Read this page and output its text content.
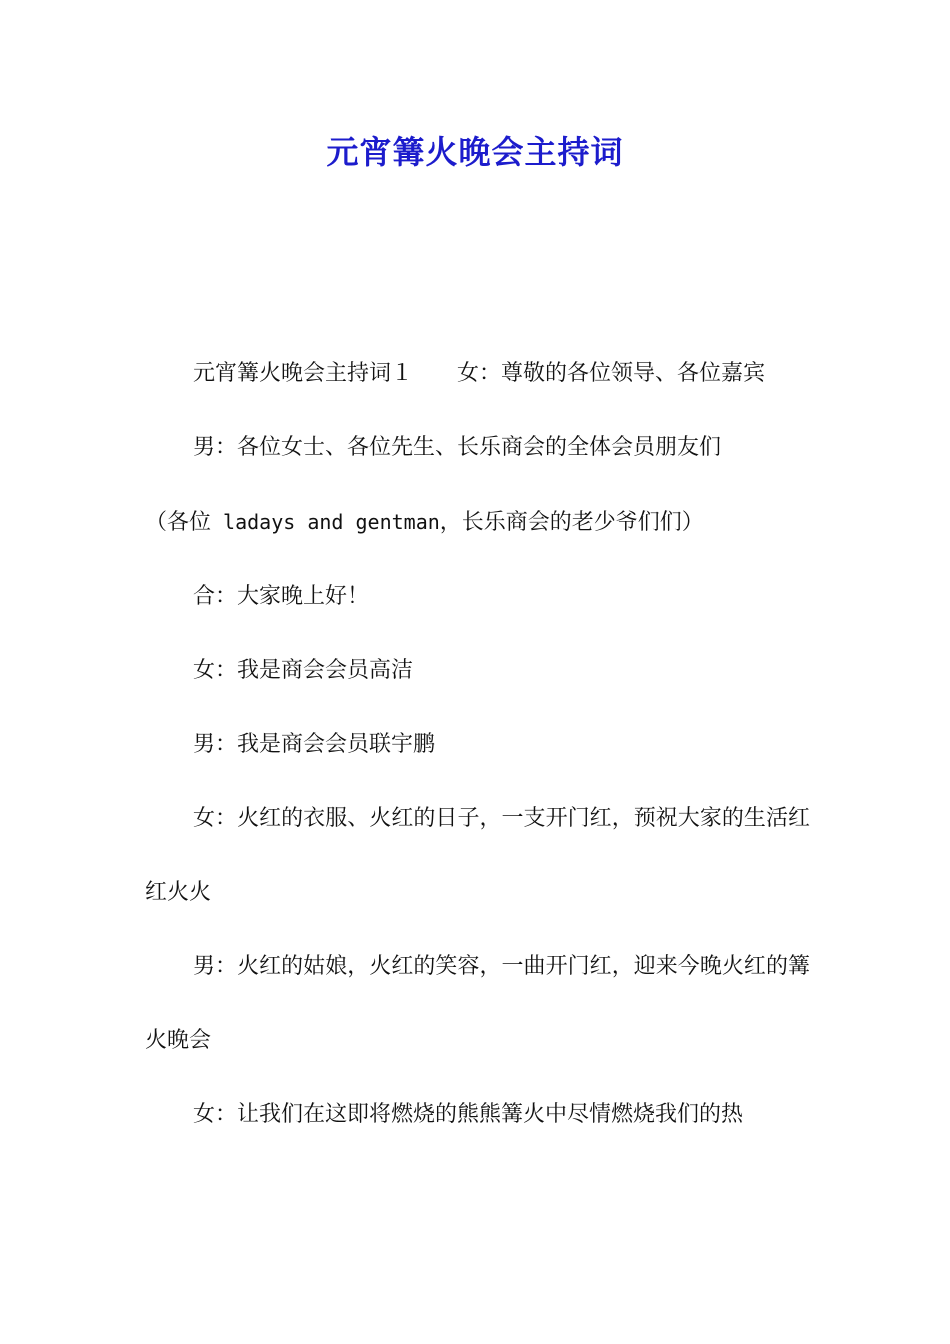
元宵篝火晚会主持词

元宵篝火晚会主持词１　　女：尊敬的各位领导、各位嘉宾

男：各位女士、各位先生、长乐商会的全体会员朋友们

（各位 ladays and gentman，长乐商会的老少爷们们）

合：大家晚上好！

女：我是商会会员高洁

男：我是商会会员联宇鹏

女：火红的衣服、火红的日子，一支开门红，预祝大家的生活红红火火

男：火红的姑娘，火红的笑容，一曲开门红，迎来今晚火红的篝火晚会

女：让我们在这即将燃烧的熊熊篝火中尽情燃烧我们的热
